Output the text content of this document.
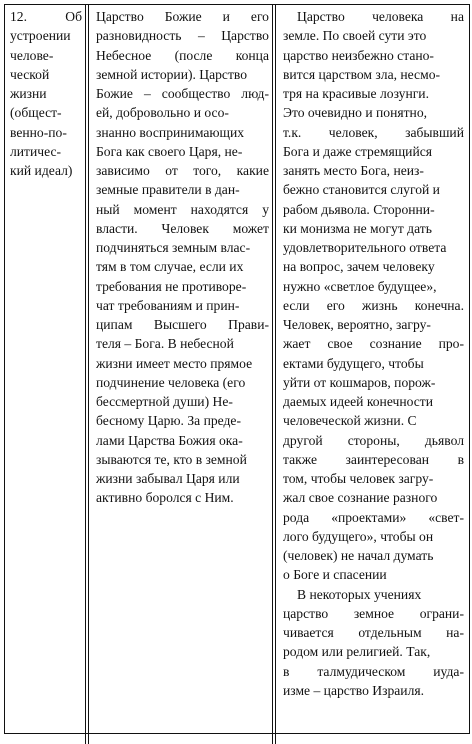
12.	Об
устроении
челове-
ческой
жизни
(общест-
венно-по-
литичес-
кий идеал)
Царство Божие и его
разновидность – Царство
Небесное (после конца
земной истории). Царство
Божие – сообщество люд-
ей, добровольно и осо-
знанно воспринимающих
Бога как своего Царя, не-
зависимо от того, какие
земные правители в дан-
ный момент находятся у
власти. Человек может
подчиняться земным влас-
тям в том случае, если их
требования не противоре-
чат требованиям и прин-
ципам Высшего Прави-
теля – Бога. В небесной
жизни имеет место прямое
подчинение человека (его
бессмертной души) Не-
бесному Царю. За преде-
лами Царства Божия ока-
зываются те, кто в земной
жизни забывал Царя или
активно боролся с Ним.
Царство человека на
земле. По своей сути это
царство неизбежно стано-
вится царством зла, несмо-
тря на красивые лозунги.
Это очевидно и понятно,
т.к. человек, забывший
Бога и даже стремящийся
занять место Бога, неиз-
бежно становится слугой и
рабом дьявола. Сторонни-
ки монизма не могут дать
удовлетворительного ответа
на вопрос, зачем человеку
нужно «светлое будущее»,
если его жизнь конечна.
Человек, вероятно, загру-
жает свое сознание про-
ектами будущего, чтобы
уйти от кошмаров, порож-
даемых идеей конечности
человеческой жизни. С
другой стороны, дьявол
также заинтересован в
том, чтобы человек загру-
жал свое сознание разного
рода «проектами» «свет-
лого будущего», чтобы он
(человек) не начал думать
о Боге и спасении
В некоторых учениях
царство земное ограни-
чивается отдельным на-
родом или религией. Так,
в талмудическом иуда-
изме – царство Израиля.
